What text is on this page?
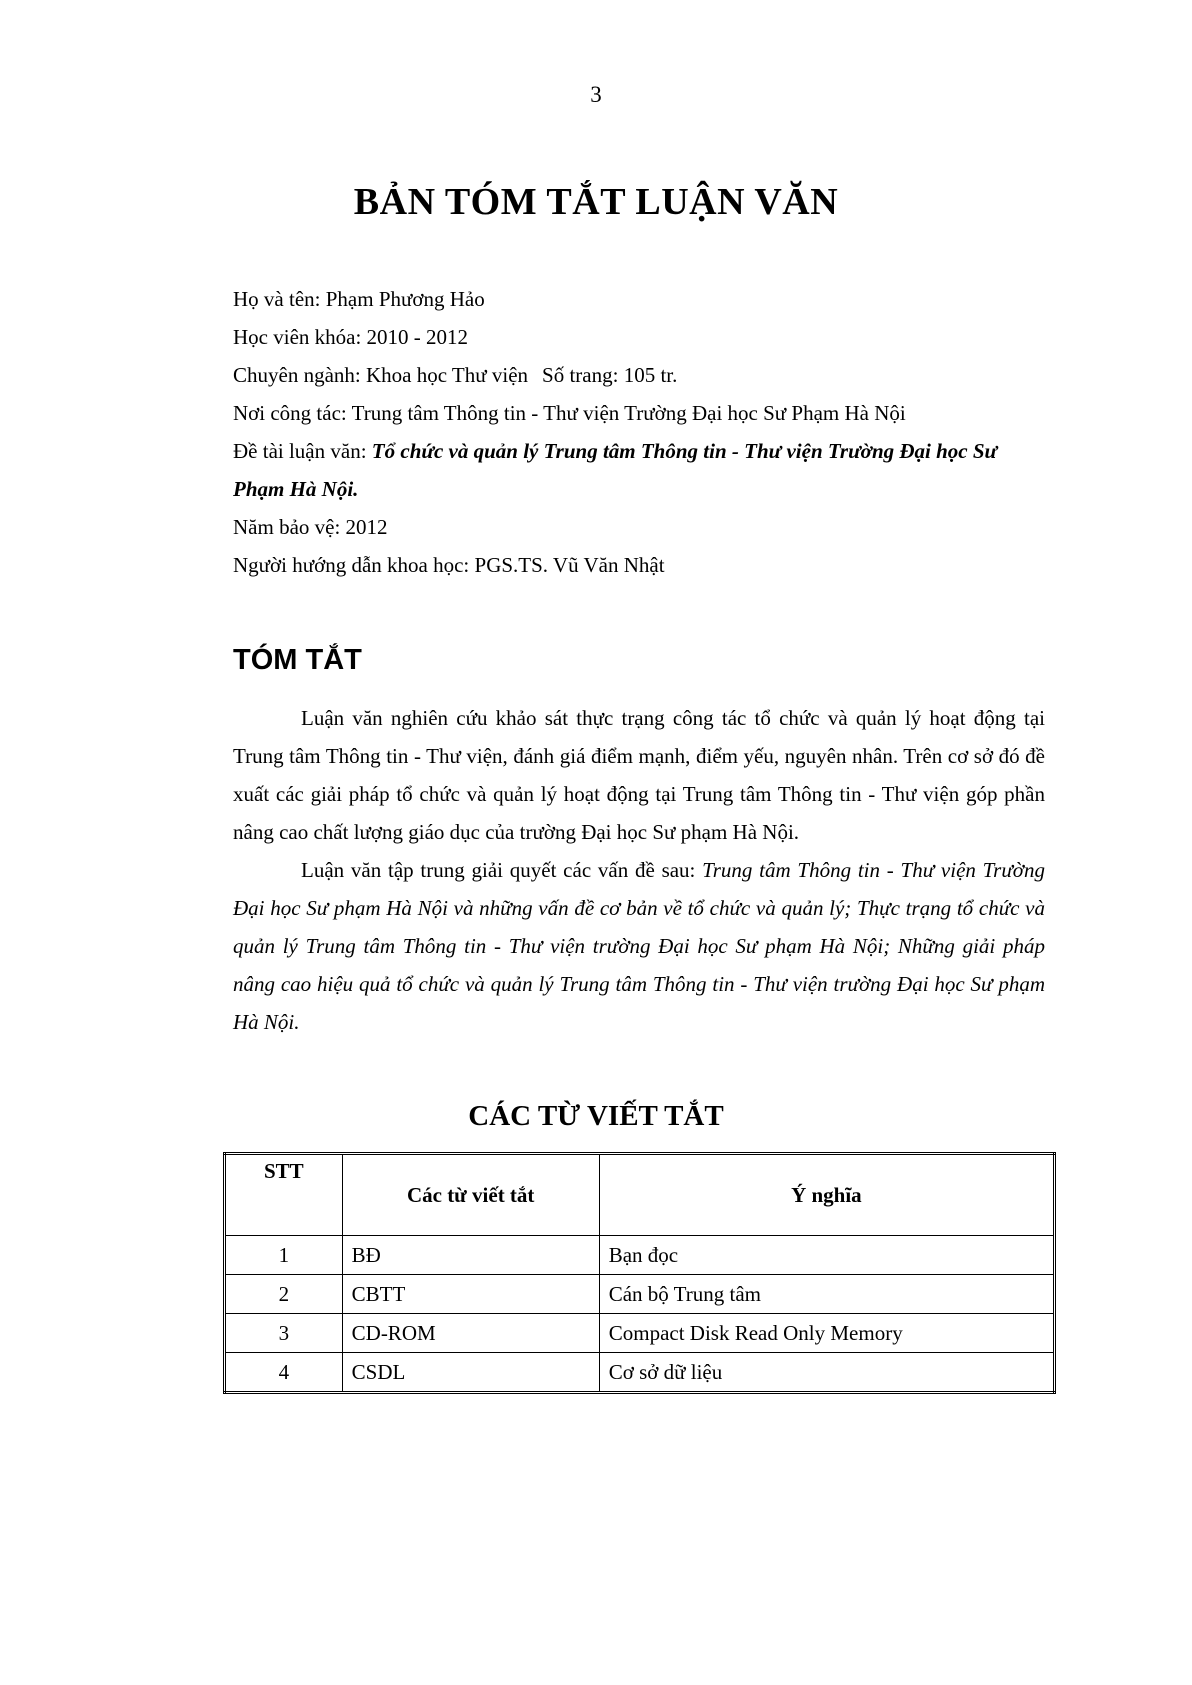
3
BẢN TÓM TẮT LUẬN VĂN
Họ và tên: Phạm Phương Hảo
Học viên khóa: 2010 - 2012
Chuyên ngành: Khoa học Thư viện Số trang: 105 tr.
Nơi công tác: Trung tâm Thông tin - Thư viện Trường Đại học Sư Phạm Hà Nội
Đề tài luận văn: Tổ chức và quản lý Trung tâm Thông tin - Thư viện Trường Đại học Sư Phạm Hà Nội.
Năm bảo vệ: 2012
Người hướng dẫn khoa học: PGS.TS. Vũ Văn Nhật
TÓM TẮT

Luận văn nghiên cứu khảo sát thực trạng công tác tổ chức và quản lý hoạt động tại Trung tâm Thông tin - Thư viện, đánh giá điểm mạnh, điểm yếu, nguyên nhân. Trên cơ sở đó đề xuất các giải pháp tổ chức và quản lý hoạt động tại Trung tâm Thông tin - Thư viện góp phần nâng cao chất lượng giáo dục của trường Đại học Sư phạm Hà Nội.

Luận văn tập trung giải quyết các vấn đề sau: Trung tâm Thông tin - Thư viện Trường Đại học Sư phạm Hà Nội và những vấn đề cơ bản về tổ chức và quản lý; Thực trạng tổ chức và quản lý Trung tâm Thông tin - Thư viện trường Đại học Sư phạm Hà Nội; Những giải pháp nâng cao hiệu quả tổ chức và quản lý Trung tâm Thông tin - Thư viện trường Đại học Sư phạm Hà Nội.

CÁC TỪ VIẾT TẮT
STT	Các từ viết tắt	Ý nghĩa
1	BĐ	Bạn đọc
2	CBTT	Cán bộ Trung tâm
3	CD-ROM	Compact Disk Read Only Memory
4	CSDL	Cơ sở dữ liệu
